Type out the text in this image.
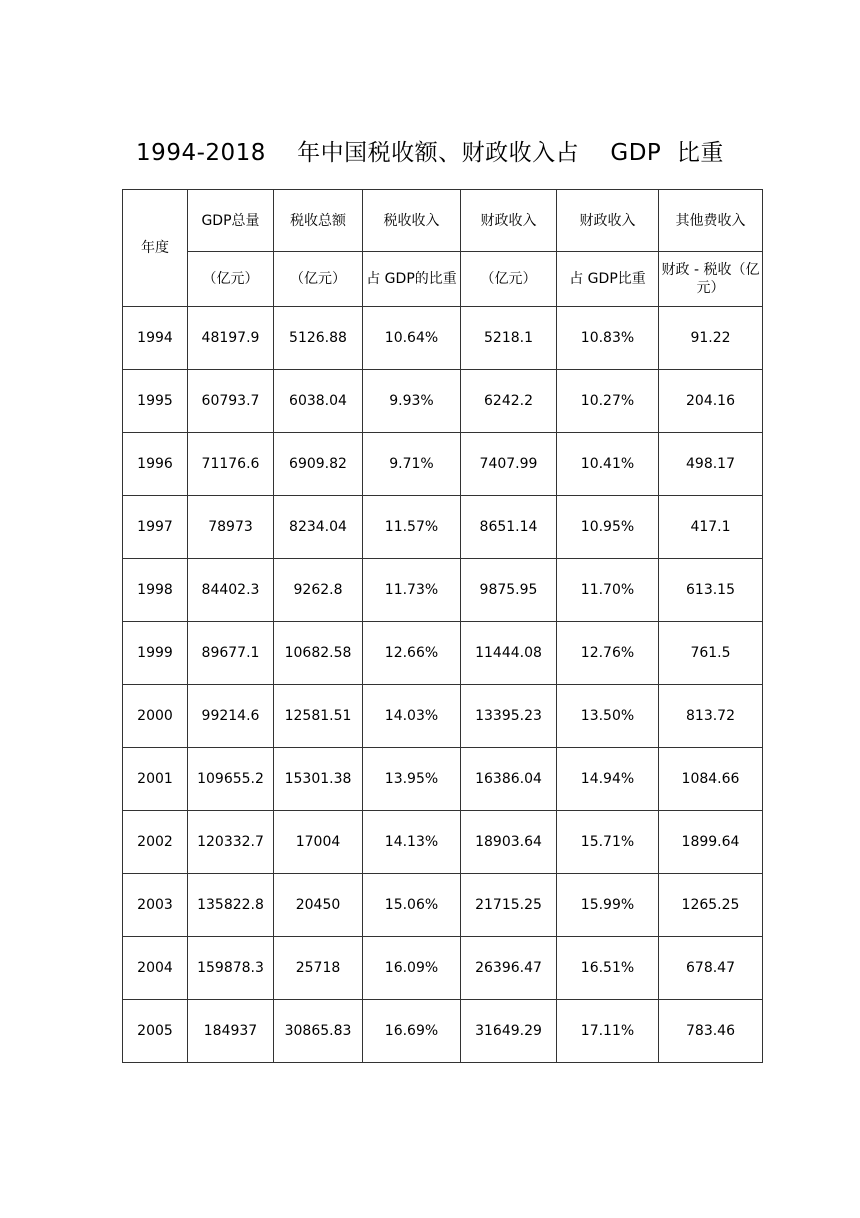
1994-2018    年中国税收额、财政收入占    GDP  比重
年度	GDP总量	税收总额	税收收入	财政收入	财政收入	其他费收入
	（亿元）	（亿元）	占 GDP的比重	（亿元）	占 GDP比重	财政 - 税收（亿元）
1994	48197.9	5126.88	10.64%	5218.1	10.83%	91.22
1995	60793.7	6038.04	9.93%	6242.2	10.27%	204.16
1996	71176.6	6909.82	9.71%	7407.99	10.41%	498.17
1997	78973	8234.04	11.57%	8651.14	10.95%	417.1
1998	84402.3	9262.8	11.73%	9875.95	11.70%	613.15
1999	89677.1	10682.58	12.66%	11444.08	12.76%	761.5
2000	99214.6	12581.51	14.03%	13395.23	13.50%	813.72
2001	109655.2	15301.38	13.95%	16386.04	14.94%	1084.66
2002	120332.7	17004	14.13%	18903.64	15.71%	1899.64
2003	135822.8	20450	15.06%	21715.25	15.99%	1265.25
2004	159878.3	25718	16.09%	26396.47	16.51%	678.47
2005	184937	30865.83	16.69%	31649.29	17.11%	783.46
